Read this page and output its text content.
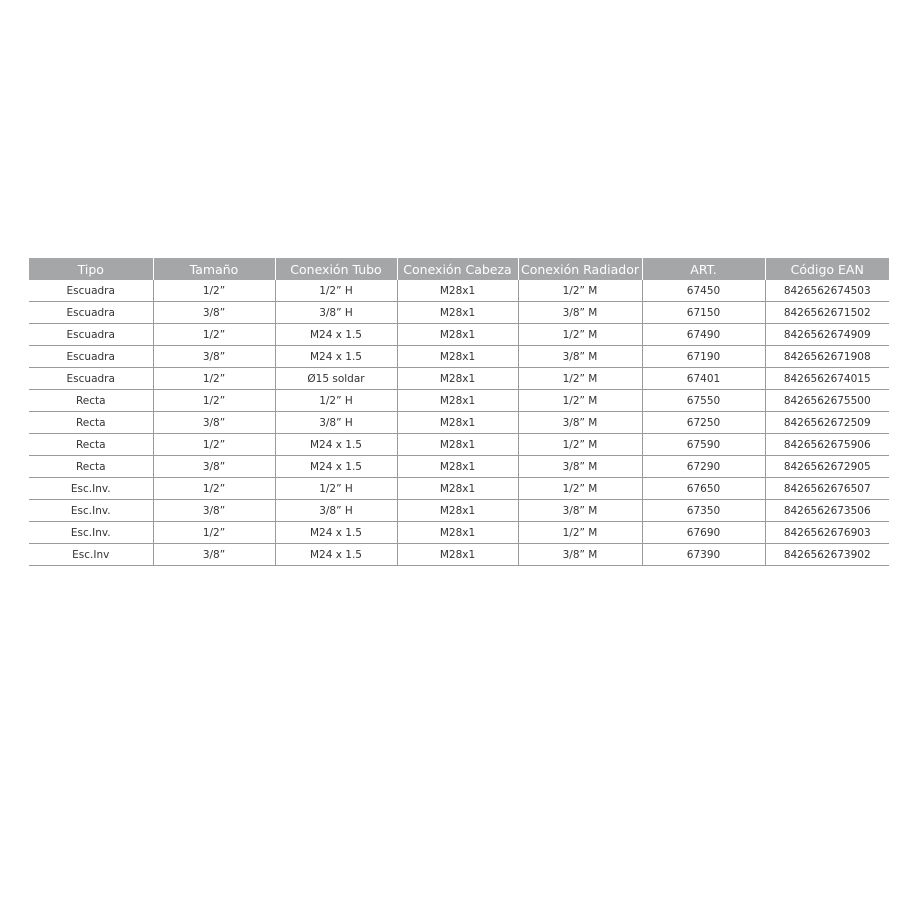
Tipo	Tamaño	Conexión Tubo	Conexión Cabeza	Conexión Radiador	ART.	Código EAN
Escuadra	1/2”	1/2” H	M28x1	1/2” M	67450	8426562674503
Escuadra	3/8”	3/8” H	M28x1	3/8” M	67150	8426562671502
Escuadra	1/2”	M24 x 1.5	M28x1	1/2” M	67490	8426562674909
Escuadra	3/8”	M24 x 1.5	M28x1	3/8” M	67190	8426562671908
Escuadra	1/2”	Ø15 soldar	M28x1	1/2” M	67401	8426562674015
Recta	1/2”	1/2” H	M28x1	1/2” M	67550	8426562675500
Recta	3/8”	3/8” H	M28x1	3/8” M	67250	8426562672509
Recta	1/2”	M24 x 1.5	M28x1	1/2” M	67590	8426562675906
Recta	3/8”	M24 x 1.5	M28x1	3/8” M	67290	8426562672905
Esc.Inv.	1/2”	1/2” H	M28x1	1/2” M	67650	8426562676507
Esc.Inv.	3/8”	3/8” H	M28x1	3/8” M	67350	8426562673506
Esc.Inv.	1/2”	M24 x 1.5	M28x1	1/2” M	67690	8426562676903
Esc.Inv	3/8”	M24 x 1.5	M28x1	3/8” M	67390	8426562673902
